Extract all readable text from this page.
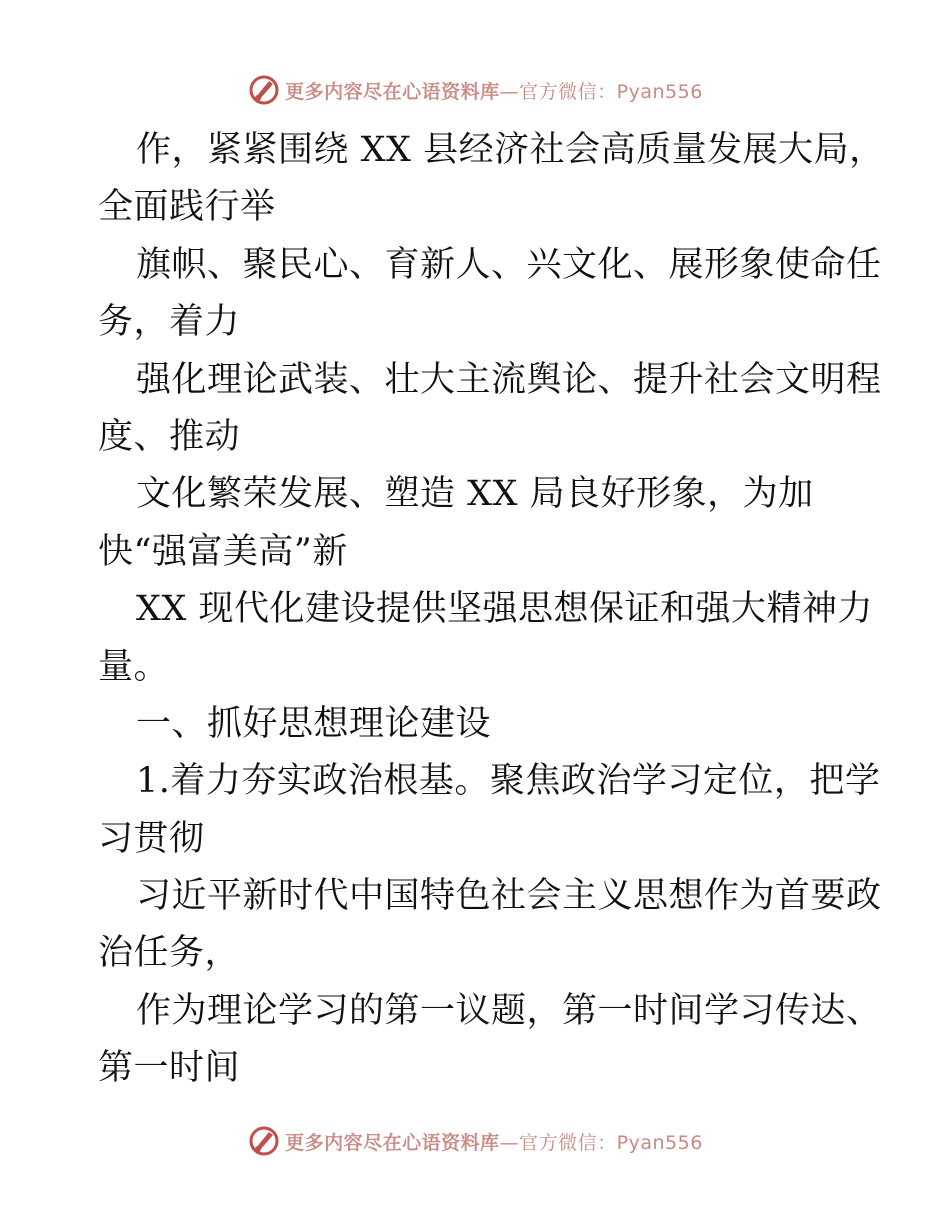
更多内容尽在心语资料库 —官方微信：Pyan556
作，紧紧围绕 XX 县经济社会高质量发展大局，
全面践行举
旗帜、聚民心、育新人、兴文化、展形象使命任
务，着力
强化理论武装、壮大主流舆论、提升社会文明程
度、推动
文化繁荣发展、塑造 XX 局良好形象，为加
快“强富美高”新
XX 现代化建设提供坚强思想保证和强大精神力
量。
一、抓好思想理论建设
1.着力夯实政治根基。聚焦政治学习定位，把学
习贯彻
习近平新时代中国特色社会主义思想作为首要政
治任务，
作为理论学习的第一议题，第一时间学习传达、
第一时间
更多内容尽在心语资料库 —官方微信：Pyan556
